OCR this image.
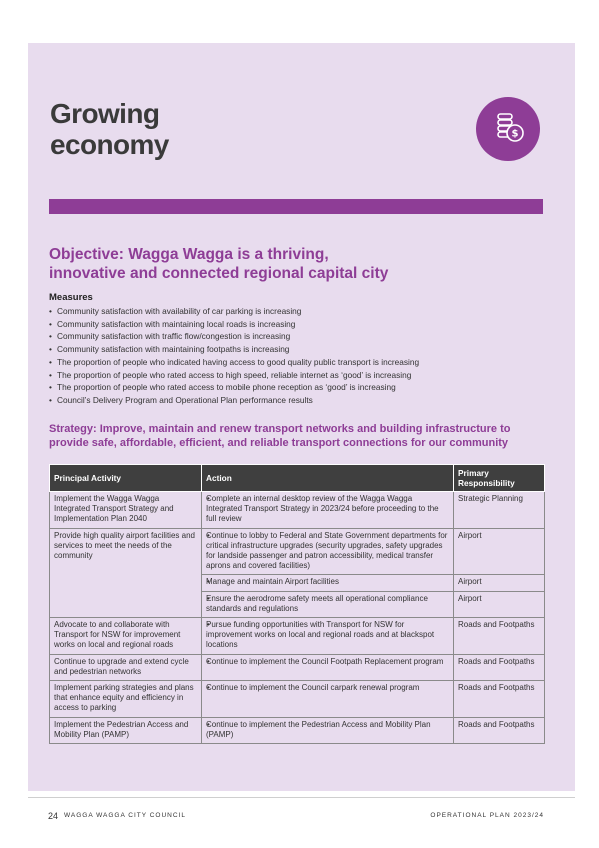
Growing
economy	$
Objective: Wagga Wagga is a thriving,
innovative and connected regional capital city
Measures
• Community satisfaction with availability of car parking is increasing
• Community satisfaction with maintaining local roads is increasing
• Community satisfaction with traffic flow/congestion is increasing
• Community satisfaction with maintaining footpaths is increasing
• The proportion of people who indicated having access to good quality public transport is increasing
• The proportion of people who rated access to high speed, reliable internet as ‘good’ is increasing
• The proportion of people who rated access to mobile phone reception as ‘good’ is increasing
• Council’s Delivery Program and Operational Plan performance results
Strategy: Improve, maintain and renew transport networks and building infrastructure to
provide safe, affordable, efficient, and reliable transport connections for our community
Principal Activity	Action	Primary Responsibility
Implement the Wagga Wagga Integrated Transport Strategy and Implementation Plan 2040	• Complete an internal desktop review of the Wagga Wagga Integrated Transport Strategy in 2023/24 before proceeding to the full review	Strategic Planning
Provide high quality airport facilities and services to meet the needs of the community	• Continue to lobby to Federal and State Government departments for critical infrastructure upgrades (security upgrades, safety upgrades for landside passenger and patron accessibility, medical transfer aprons and covered facilities)	Airport
	• Manage and maintain Airport facilities	Airport
	• Ensure the aerodrome safety meets all operational compliance standards and regulations	Airport
Advocate to and collaborate with Transport for NSW for improvement works on local and regional roads	• Pursue funding opportunities with Transport for NSW for improvement works on local and regional roads and at blackspot locations	Roads and Footpaths
Continue to upgrade and extend cycle and pedestrian networks	• Continue to implement the Council Footpath Replacement program	Roads and Footpaths
Implement parking strategies and plans that enhance equity and efficiency in access to parking	• Continue to implement the Council carpark renewal program	Roads and Footpaths
Implement the Pedestrian Access and Mobility Plan (PAMP)	• Continue to implement the Pedestrian Access and Mobility Plan (PAMP)	Roads and Footpaths
24 WAGGA WAGGA CITY COUNCIL	OPERATIONAL PLAN 2023/24
